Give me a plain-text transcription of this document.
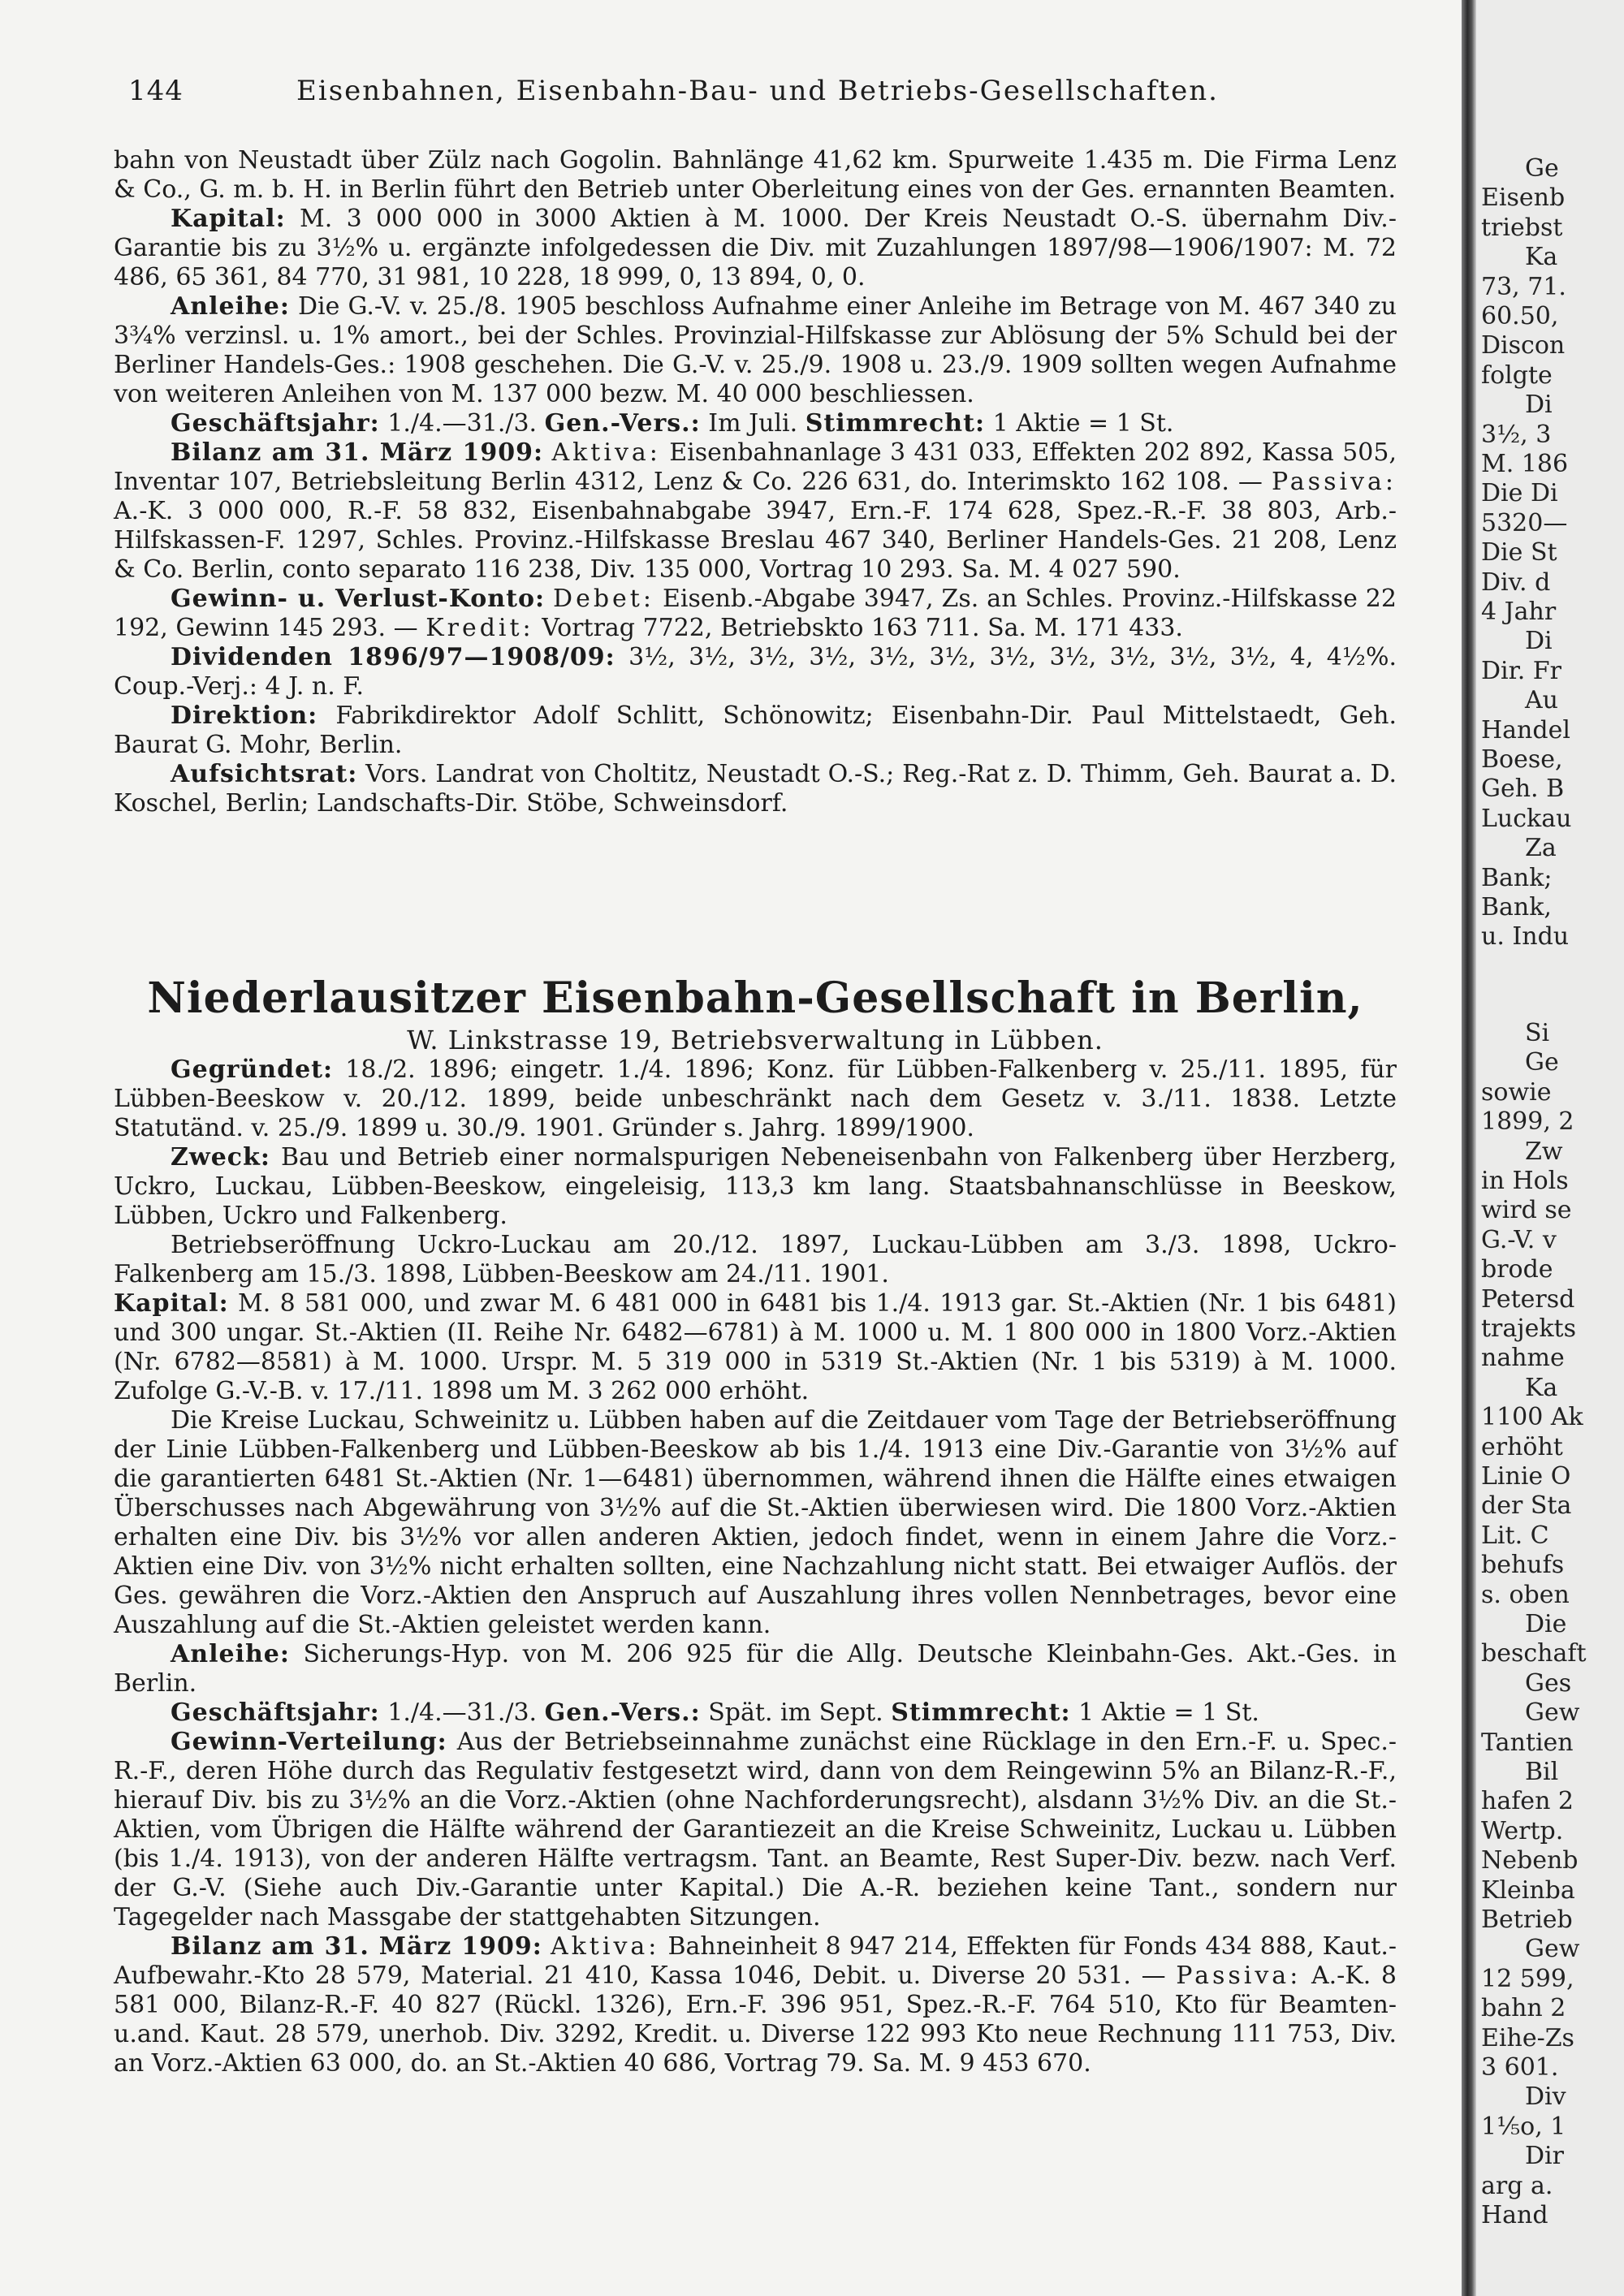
144	Eisenbahnen, Eisenbahn-Bau- und Betriebs-Gesellschaften.

bahn von Neustadt über Zülz nach Gogolin. Bahnlänge 41,62 km. Spurweite 1.435 m. Die Firma Lenz & Co., G. m. b. H. in Berlin führt den Betrieb unter Oberleitung eines von der Ges. ernannten Beamten.

Kapital: M. 3 000 000 in 3000 Aktien à M. 1000. Der Kreis Neustadt O.-S. übernahm Div.-Garantie bis zu 3½% u. ergänzte infolgedessen die Div. mit Zuzahlungen 1897/98—1906/1907: M. 72 486, 65 361, 84 770, 31 981, 10 228, 18 999, 0, 13 894, 0, 0.

Anleihe: Die G.-V. v. 25./8. 1905 beschloss Aufnahme einer Anleihe im Betrage von M. 467 340 zu 3¾% verzinsl. u. 1% amort., bei der Schles. Provinzial-Hilfskasse zur Ablösung der 5% Schuld bei der Berliner Handels-Ges.: 1908 geschehen. Die G.-V. v. 25./9. 1908 u. 23./9. 1909 sollten wegen Aufnahme von weiteren Anleihen von M. 137 000 bezw. M. 40 000 beschliessen.

Geschäftsjahr: 1./4.—31./3. Gen.-Vers.: Im Juli. Stimmrecht: 1 Aktie = 1 St.

Bilanz am 31. März 1909: Aktiva: Eisenbahnanlage 3 431 033, Effekten 202 892, Kassa 505, Inventar 107, Betriebsleitung Berlin 4312, Lenz & Co. 226 631, do. Interimskto 162 108. — Passiva: A.-K. 3 000 000, R.-F. 58 832, Eisenbahnabgabe 3947, Ern.-F. 174 628, Spez.-R.-F. 38 803, Arb.-Hilfskassen-F. 1297, Schles. Provinz.-Hilfskasse Breslau 467 340, Berliner Handels-Ges. 21 208, Lenz & Co. Berlin, conto separato 116 238, Div. 135 000, Vortrag 10 293. Sa. M. 4 027 590.

Gewinn- u. Verlust-Konto: Debet: Eisenb.-Abgabe 3947, Zs. an Schles. Provinz.-Hilfskasse 22 192, Gewinn 145 293. — Kredit: Vortrag 7722, Betriebskto 163 711. Sa. M. 171 433.

Dividenden 1896/97—1908/09: 3½, 3½, 3½, 3½, 3½, 3½, 3½, 3½, 3½, 3½, 3½, 4, 4½%. Coup.-Verj.: 4 J. n. F.

Direktion: Fabrikdirektor Adolf Schlitt, Schönowitz; Eisenbahn-Dir. Paul Mittelstaedt, Geh. Baurat G. Mohr, Berlin.

Aufsichtsrat: Vors. Landrat von Choltitz, Neustadt O.-S.; Reg.-Rat z. D. Thimm, Geh. Baurat a. D. Koschel, Berlin; Landschafts-Dir. Stöbe, Schweinsdorf.

Niederlausitzer Eisenbahn-Gesellschaft in Berlin,
W. Linkstrasse 19, Betriebsverwaltung in Lübben.

Gegründet: 18./2. 1896; eingetr. 1./4. 1896; Konz. für Lübben-Falkenberg v. 25./11. 1895, für Lübben-Beeskow v. 20./12. 1899, beide unbeschränkt nach dem Gesetz v. 3./11. 1838. Letzte Statutänd. v. 25./9. 1899 u. 30./9. 1901. Gründer s. Jahrg. 1899/1900.

Zweck: Bau und Betrieb einer normalspurigen Nebeneisenbahn von Falkenberg über Herzberg, Uckro, Luckau, Lübben-Beeskow, eingeleisig, 113,3 km lang. Staatsbahnanschlüsse in Beeskow, Lübben, Uckro und Falkenberg.

Betriebseröffnung Uckro-Luckau am 20./12. 1897, Luckau-Lübben am 3./3. 1898, Uckro-Falkenberg am 15./3. 1898, Lübben-Beeskow am 24./11. 1901.

Kapital: M. 8 581 000, und zwar M. 6 481 000 in 6481 bis 1./4. 1913 gar. St.-Aktien (Nr. 1 bis 6481) und 300 ungar. St.-Aktien (II. Reihe Nr. 6482—6781) à M. 1000 u. M. 1 800 000 in 1800 Vorz.-Aktien (Nr. 6782—8581) à M. 1000. Urspr. M. 5 319 000 in 5319 St.-Aktien (Nr. 1 bis 5319) à M. 1000. Zufolge G.-V.-B. v. 17./11. 1898 um M. 3 262 000 erhöht.

Die Kreise Luckau, Schweinitz u. Lübben haben auf die Zeitdauer vom Tage der Betriebseröffnung der Linie Lübben-Falkenberg und Lübben-Beeskow ab bis 1./4. 1913 eine Div.-Garantie von 3½% auf die garantierten 6481 St.-Aktien (Nr. 1—6481) übernommen, während ihnen die Hälfte eines etwaigen Überschusses nach Abgewährung von 3½% auf die St.-Aktien überwiesen wird. Die 1800 Vorz.-Aktien erhalten eine Div. bis 3½% vor allen anderen Aktien, jedoch findet, wenn in einem Jahre die Vorz.-Aktien eine Div. von 3½% nicht erhalten sollten, eine Nachzahlung nicht statt. Bei etwaiger Auflös. der Ges. gewähren die Vorz.-Aktien den Anspruch auf Auszahlung ihres vollen Nennbetrages, bevor eine Auszahlung auf die St.-Aktien geleistet werden kann.

Anleihe: Sicherungs-Hyp. von M. 206 925 für die Allg. Deutsche Kleinbahn-Ges. Akt.-Ges. in Berlin.

Geschäftsjahr: 1./4.—31./3. Gen.-Vers.: Spät. im Sept. Stimmrecht: 1 Aktie = 1 St.

Gewinn-Verteilung: Aus der Betriebseinnahme zunächst eine Rücklage in den Ern.-F. u. Spec.-R.-F., deren Höhe durch das Regulativ festgesetzt wird, dann von dem Reingewinn 5% an Bilanz-R.-F., hierauf Div. bis zu 3½% an die Vorz.-Aktien (ohne Nachforderungsrecht), alsdann 3½% Div. an die St.-Aktien, vom Übrigen die Hälfte während der Garantiezeit an die Kreise Schweinitz, Luckau u. Lübben (bis 1./4. 1913), von der anderen Hälfte vertragsm. Tant. an Beamte, Rest Super-Div. bezw. nach Verf. der G.-V. (Siehe auch Div.-Garantie unter Kapital.) Die A.-R. beziehen keine Tant., sondern nur Tagegelder nach Massgabe der stattgehabten Sitzungen.

Bilanz am 31. März 1909: Aktiva: Bahneinheit 8 947 214, Effekten für Fonds 434 888, Kaut.-Aufbewahr.-Kto 28 579, Material. 21 410, Kassa 1046, Debit. u. Diverse 20 531. — Passiva: A.-K. 8 581 000, Bilanz-R.-F. 40 827 (Rückl. 1326), Ern.-F. 396 951, Spez.-R.-F. 764 510, Kto für Beamten- u.and. Kaut. 28 579, unerhob. Div. 3292, Kredit. u. Diverse 122 993 Kto neue Rechnung 111 753, Div. an Vorz.-Aktien 63 000, do. an St.-Aktien 40 686, Vortrag 79. Sa. M. 9 453 670.

Ge
Eisenb
triebst
Ka
73, 71.
60.50,
Discon
folgte
Di
3½, 3
M. 186
Die Di
5320—
Die St
Div. d
4 Jahr
Di
Dir. Fr
Au
Handel
Boese,
Geh. B
Luckau
Za
Bank;
Bank,
u. Indu
Si
Ge
sowie
1899, 2
Zw
in Hols
wird se
G.-V. v
brode
Petersd
trajekts
nahme
Ka
1100 Ak
erhöht
Linie O
der Sta
Lit. C
behufs
s. oben
Die
beschaft
Ges
Gew
Tantien
Bil
hafen 2
Wertp.
Nebenb
Kleinba
Betrieb
Gew
12 599,
bahn 2
Eihe-Zs
3 601.
Div
1⅕o, 1
Dir
arg a.
Hand
